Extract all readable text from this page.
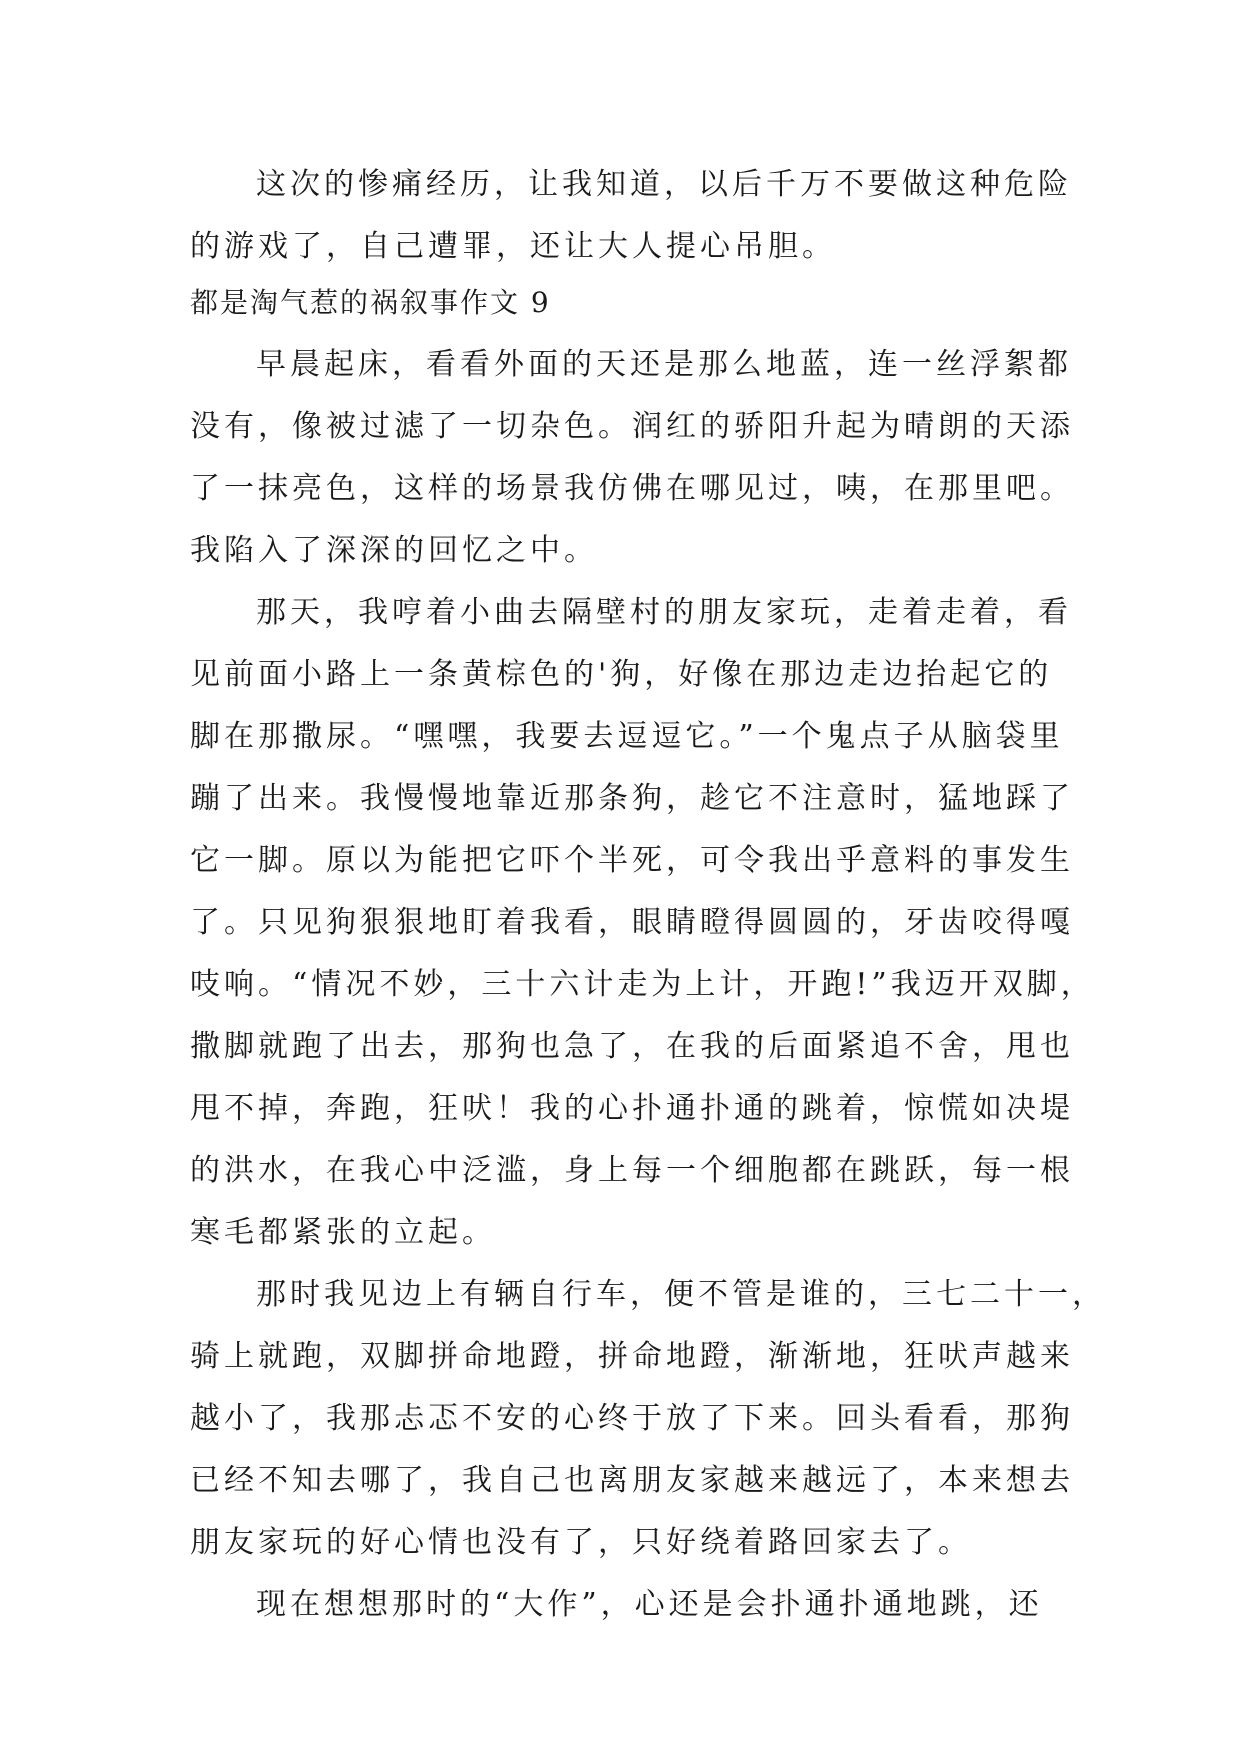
这次的惨痛经历，让我知道，以后千万不要做这种危险
的游戏了，自己遭罪，还让大人提心吊胆。
都是淘气惹的祸叙事作文 9
早晨起床，看看外面的天还是那么地蓝，连一丝浮絮都
没有，像被过滤了一切杂色。润红的骄阳升起为晴朗的天添
了一抹亮色，这样的场景我仿佛在哪见过，咦，在那里吧。
我陷入了深深的回忆之中。
那天，我哼着小曲去隔壁村的朋友家玩，走着走着，看
见前面小路上一条黄棕色的'狗，好像在那边走边抬起它的
脚在那撒尿。“嘿嘿，我要去逗逗它。”一个鬼点子从脑袋里
蹦了出来。我慢慢地靠近那条狗，趁它不注意时，猛地踩了
它一脚。原以为能把它吓个半死，可令我出乎意料的事发生
了。只见狗狠狠地盯着我看，眼睛瞪得圆圆的，牙齿咬得嘎
吱响。“情况不妙，三十六计走为上计，开跑!”我迈开双脚，
撒脚就跑了出去，那狗也急了，在我的后面紧追不舍，甩也
甩不掉，奔跑，狂吠！我的心扑通扑通的跳着，惊慌如决堤
的洪水，在我心中泛滥，身上每一个细胞都在跳跃，每一根
寒毛都紧张的立起。
那时我见边上有辆自行车，便不管是谁的，三七二十一，
骑上就跑，双脚拼命地蹬，拼命地蹬，渐渐地，狂吠声越来
越小了，我那忐忑不安的心终于放了下来。回头看看，那狗
已经不知去哪了，我自己也离朋友家越来越远了，本来想去
朋友家玩的好心情也没有了，只好绕着路回家去了。
现在想想那时的“大作”，心还是会扑通扑通地跳，还
